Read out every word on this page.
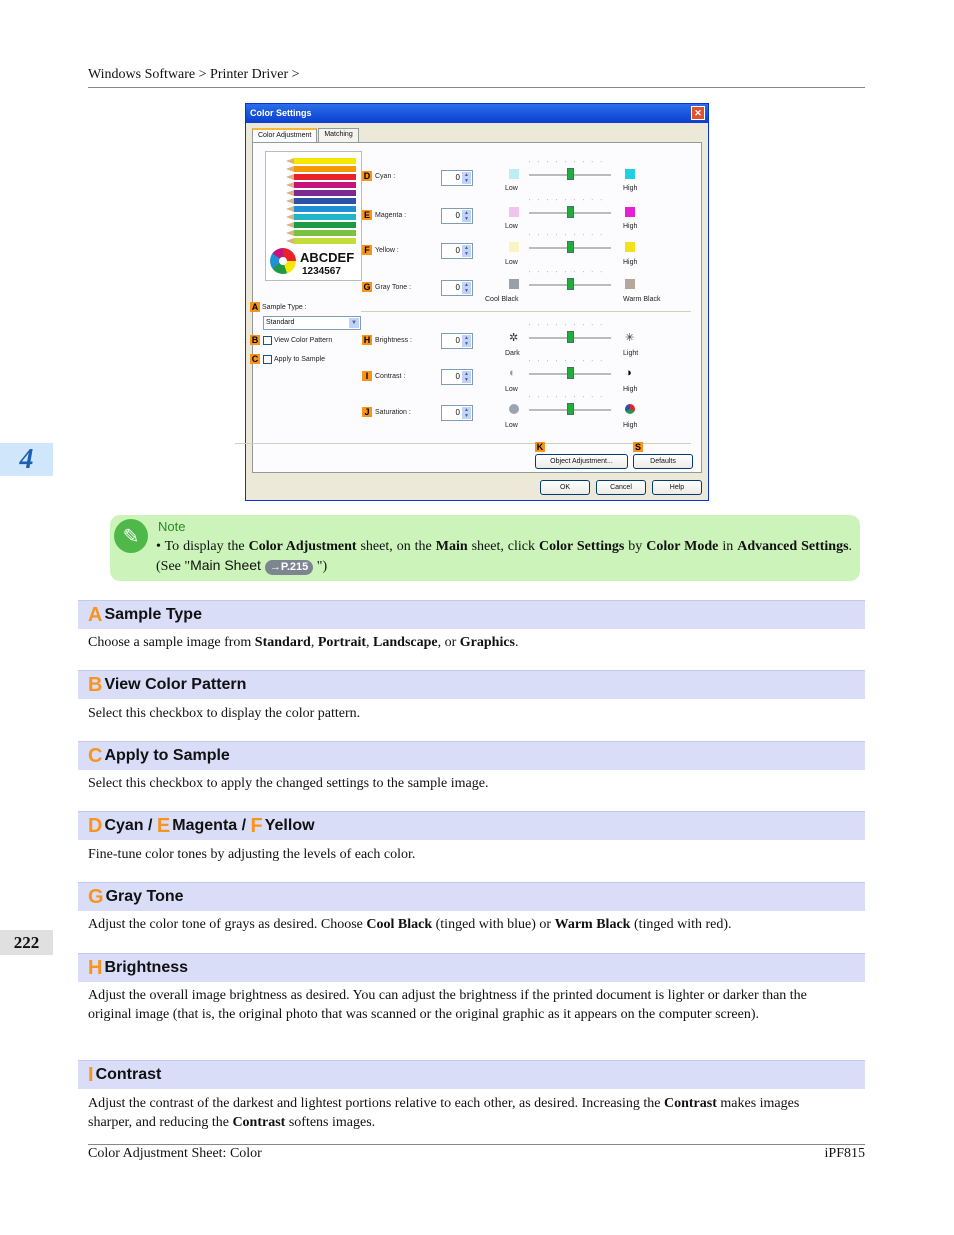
Windows Software > Printer Driver >
4
222
Color Settings	✕
Color Adjustment	Matching
ABCDEF
1234567
A Sample Type :
Standard	▼
B View Color Pattern
C Apply to Sample
D Cyan :	0 ▲
▼
'''''''''
Low	High
E Magenta :	0 ▲
▼
'''''''''
Low	High
F Yellow :	0 ▲
▼
'''''''''
Low	High
G Gray Tone :	0 ▲
▼
'''''''''
Cool Black	Warm Black
H Brightness :	0 ▲
▼	✲
'''''''''
✳
Dark	Light
I Contrast :	0 ▲
▼
◐
'''''''''
◑
Low	High
J Saturation :	0 ▲
▼
'''''''''
Low	High
K	S
Object Adjustment...	Defaults
OK	Cancel	Help
✎	Note
• To display the Color Adjustment sheet, on the Main sheet, click Color Settings by Color Mode in Advanced Settings.(See "Main Sheet →P.215 ")
A Sample Type
Choose a sample image from Standard, Portrait, Landscape, or Graphics.
B View Color Pattern
Select this checkbox to display the color pattern.
C Apply to Sample
Select this checkbox to apply the changed settings to the sample image.
D Cyan /
E Magenta /
F Yellow
Fine-tune color tones by adjusting the levels of each color.
G Gray Tone
Adjust the color tone of grays as desired. Choose Cool Black (tinged with blue) or Warm Black (tinged with red).
H Brightness
Adjust the overall image brightness as desired. You can adjust the brightness if the printed document is lighter or darker than the original image (that is, the original photo that was scanned or the original graphic as it appears on the computer screen).
I Contrast
Adjust the contrast of the darkest and lightest portions relative to each other, as desired. Increasing the Contrast makes images sharper, and reducing the Contrast softens images.
Color Adjustment Sheet: Color	iPF815
